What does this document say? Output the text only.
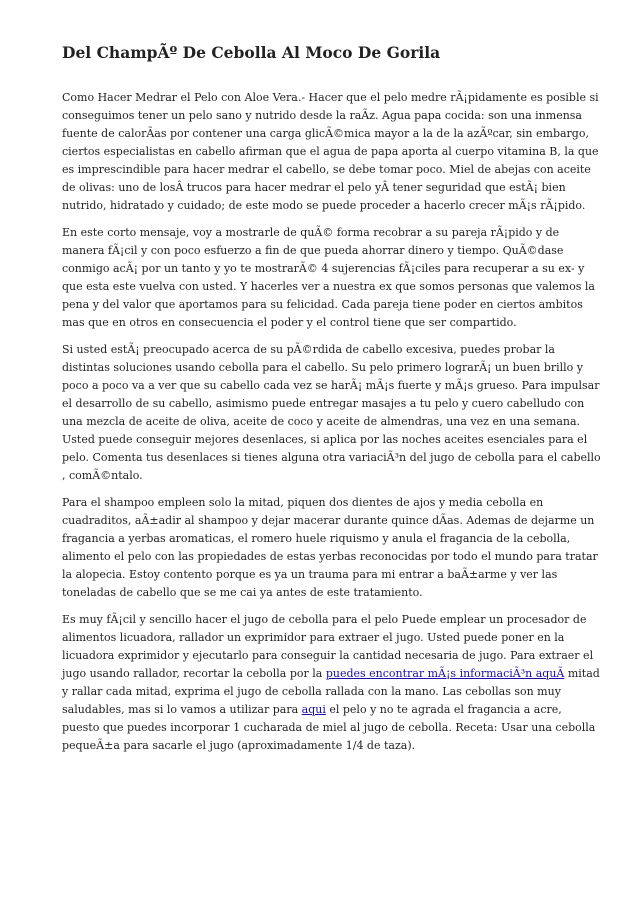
Del ChampÃº De Cebolla Al Moco De Gorila

Como Hacer Medrar el Pelo con Aloe Vera.- Hacer que el pelo medre rÃ¡pidamente es posible si conseguimos tener un pelo sano y nutrido desde la raÃz. Agua papa cocida: son una inmensa fuente de calorÃas por contener una carga glicÃ©mica mayor a la de la azÃºcar, sin embargo, ciertos especialistas en cabello afirman que el agua de papa aporta al cuerpo vitamina B, la que es imprescindible para hacer medrar el cabello, se debe tomar poco. Miel de abejas con aceite de olivas: uno de losÂ trucos para hacer medrar el pelo yÂ tener seguridad que estÃ¡ bien nutrido, hidratado y cuidado; de este modo se puede proceder a hacerlo crecer mÃ¡s rÃ¡pido.

En este corto mensaje, voy a mostrarle de quÃ© forma recobrar a su pareja rÃ¡pido y de manera fÃ¡cil y con poco esfuerzo a fin de que pueda ahorrar dinero y tiempo. QuÃ©dase conmigo acÃ¡ por un tanto y yo te mostrarÃ© 4 sujerencias fÃ¡ciles para recuperar a su ex- y que esta este vuelva con usted. Y hacerles ver a nuestra ex que somos personas que valemos la pena y del valor que aportamos para su felicidad. Cada pareja tiene poder en ciertos ambitos mas que en otros en consecuencia el poder y el control tiene que ser compartido.

Si usted estÃ¡ preocupado acerca de su pÃ©rdida de cabello excesiva, puedes probar la distintas soluciones usando cebolla para el cabello. Su pelo primero lograrÃ¡ un buen brillo y poco a poco va a ver que su cabello cada vez se harÃ¡ mÃ¡s fuerte y mÃ¡s grueso. Para impulsar el desarrollo de su cabello, asimismo puede entregar masajes a tu pelo y cuero cabelludo con una mezcla de aceite de oliva, aceite de coco y aceite de almendras, una vez en una semana. Usted puede conseguir mejores desenlaces, si aplica por las noches aceites esenciales para el pelo. Comenta tus desenlaces si tienes alguna otra variaciÃ³n del jugo de cebolla para el cabello , comÃ©ntalo.

Para el shampoo empleen solo la mitad, piquen dos dientes de ajos y media cebolla en cuadraditos, aÃ±adir al shampoo y dejar macerar durante quince dÃas. Ademas de dejarme un fragancia a yerbas aromaticas, el romero huele riquismo y anula el fragancia de la cebolla, alimento el pelo con las propiedades de estas yerbas reconocidas por todo el mundo para tratar la alopecia. Estoy contento porque es ya un trauma para mi entrar a baÃ±arme y ver las toneladas de cabello que se me cai ya antes de este tratamiento.

Es muy fÃ¡cil y sencillo hacer el jugo de cebolla para el pelo Puede emplear un procesador de alimentos licuadora, rallador un exprimidor para extraer el jugo. Usted puede poner en la licuadora exprimidor y ejecutarlo para conseguir la cantidad necesaria de jugo. Para extraer el jugo usando rallador, recortar la cebolla por la puedes encontrar mÃ¡s informaciÃ³n aquÃ mitad y rallar cada mitad, exprima el jugo de cebolla rallada con la mano. Las cebollas son muy saludables, mas si lo vamos a utilizar para aqui el pelo y no te agrada el fragancia a acre, puesto que puedes incorporar 1 cucharada de miel al jugo de cebolla. Receta: Usar una cebolla pequeÃ±a para sacarle el jugo (aproximadamente 1/4 de taza).
